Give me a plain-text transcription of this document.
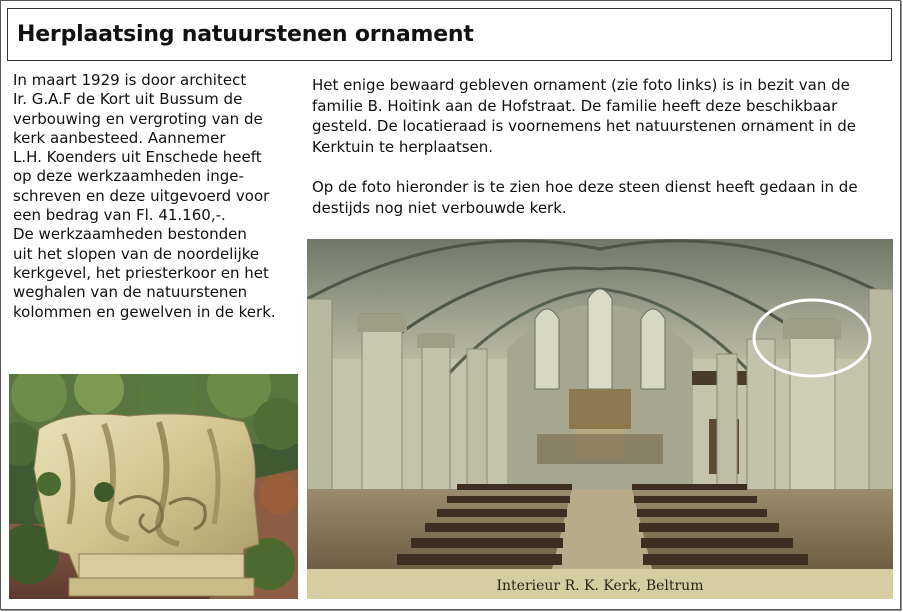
Herplaatsing natuurstenen ornament

In maart 1929 is door architect

Ir. G.A.F de Kort uit Bussum de

verbouwing en vergroting van de

kerk aanbesteed. Aannemer

L.H. Koenders uit Enschede heeft

op deze werkzaamheden inge-

schreven en deze uitgevoerd voor

een bedrag van Fl. 41.160,-.

De werkzaamheden bestonden

uit het slopen van de noordelijke

kerkgevel, het priesterkoor en het

weghalen van de natuurstenen

kolommen en gewelven in de kerk.

Het enige bewaard gebleven ornament (zie foto links) is in bezit van de
familie B. Hoitink aan de Hofstraat. De familie heeft deze beschikbaar
gesteld. De locatieraad is voornemens het natuurstenen ornament in de
Kerktuin te herplaatsen.

Op de foto hieronder is te zien hoe deze steen dienst heeft gedaan in de
destijds nog niet verbouwde kerk.

Interieur R. K. Kerk, Beltrum
